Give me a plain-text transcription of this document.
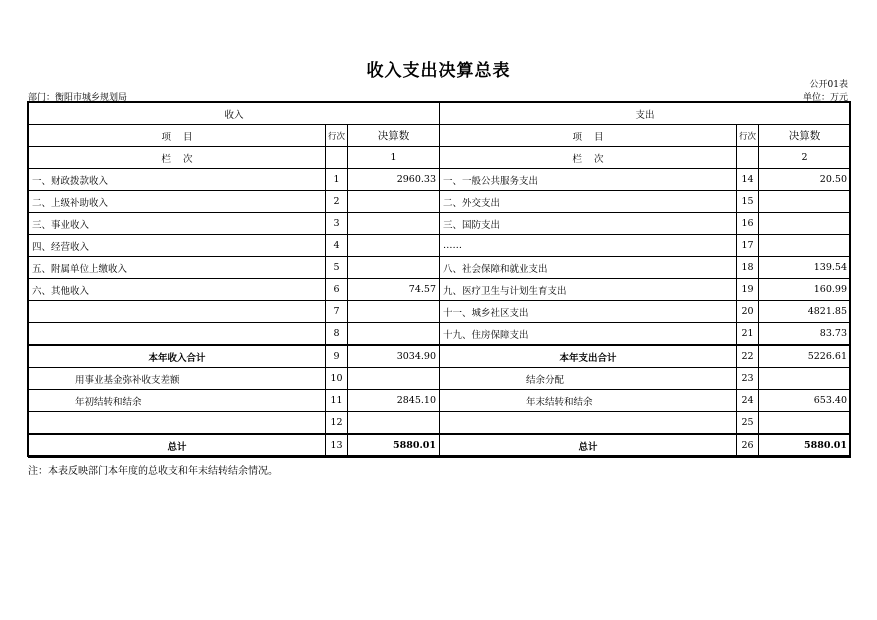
收入支出决算总表
公开01表
部门：衡阳市城乡规划局	单位：万元
收入			支出		
项    目	行次	决算数	项    目	行次	决算数
栏    次		1	栏    次		2
一、财政拨款收入	1	2960.33	一、一般公共服务支出	14	20.50
二、上级补助收入	2		二、外交支出	15	
三、事业收入	3		三、国防支出	16	
四、经营收入	4		……	17	
五、附属单位上缴收入	5		八、社会保障和就业支出	18	139.54
六、其他收入	6	74.57	九、医疗卫生与计划生育支出	19	160.99
	7		十一、城乡社区支出	20	4821.85
	8		十九、住房保障支出	21	83.73
本年收入合计	9	3034.90	本年支出合计	22	5226.61
用事业基金弥补收支差额	10		结余分配	23	
年初结转和结余	11	2845.10	年末结转和结余	24	653.40
	12			25	
总计	13	5880.01	总计	26	5880.01
注：本表反映部门本年度的总收支和年末结转结余情况。
